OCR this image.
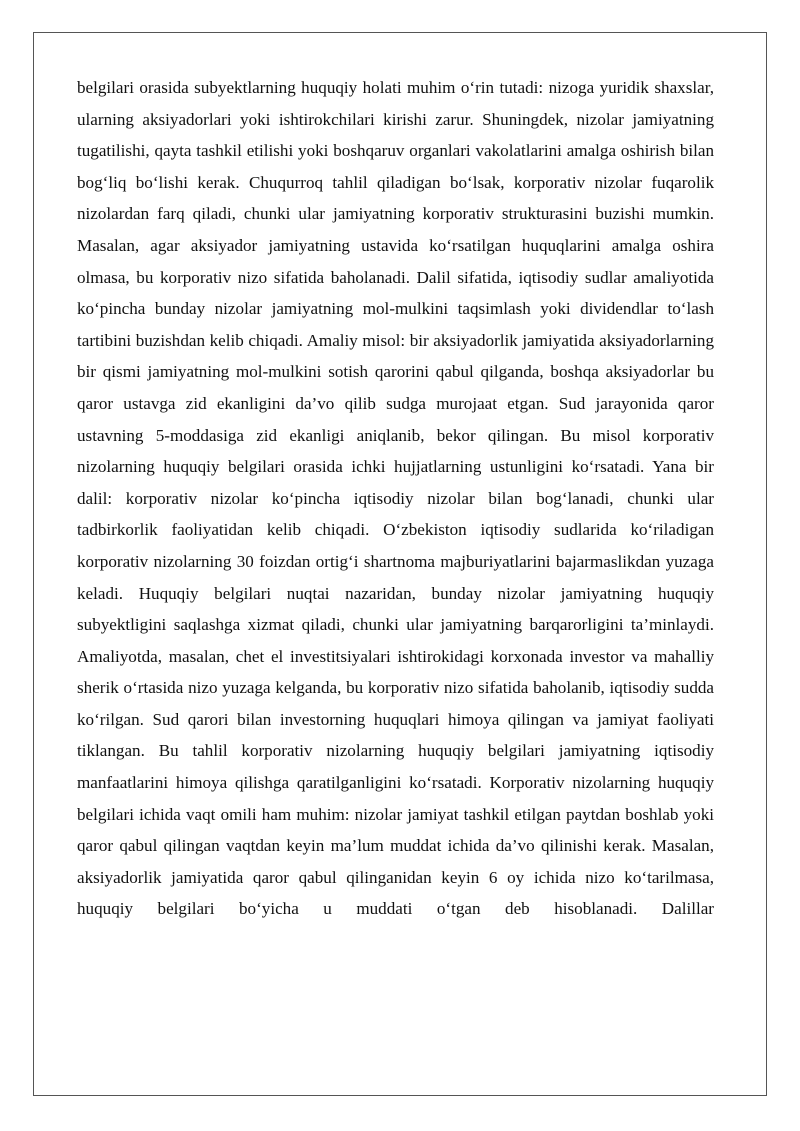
belgilari orasida subyektlarning huquqiy holati muhim o‘rin tutadi: nizoga yuridik shaxslar, ularning aksiyadorlari yoki ishtirokchilari kirishi zarur. Shuningdek, nizolar jamiyatning tugatilishi, qayta tashkil etilishi yoki boshqaruv organlari vakolatlarini amalga oshirish bilan bog‘liq bo‘lishi kerak. Chuqurroq tahlil qiladigan bo‘lsak, korporativ nizolar fuqarolik nizolardan farq qiladi, chunki ular jamiyatning korporativ strukturasini buzishi mumkin. Masalan, agar aksiyador jamiyatning ustavida ko‘rsatilgan huquqlarini amalga oshira olmasa, bu korporativ nizo sifatida baholanadi. Dalil sifatida, iqtisodiy sudlar amaliyotida ko‘pincha bunday nizolar jamiyatning mol-mulkini taqsimlash yoki dividendlar to‘lash tartibini buzishdan kelib chiqadi. Amaliy misol: bir aksiyadorlik jamiyatida aksiyadorlarning bir qismi jamiyatning mol-mulkini sotish qarorini qabul qilganda, boshqa aksiyadorlar bu qaror ustavga zid ekanligini da’vo qilib sudga murojaat etgan. Sud jarayonida qaror ustavning 5-moddasiga zid ekanligi aniqlanib, bekor qilingan. Bu misol korporativ nizolarning huquqiy belgilari orasida ichki hujjatlarning ustunligini ko‘rsatadi. Yana bir dalil: korporativ nizolar ko‘pincha iqtisodiy nizolar bilan bog‘lanadi, chunki ular tadbirkorlik faoliyatidan kelib chiqadi. O‘zbekiston iqtisodiy sudlarida ko‘riladigan korporativ nizolarning 30 foizdan ortig‘i shartnoma majburiyatlarini bajarmaslikdan yuzaga keladi. Huquqiy belgilari nuqtai nazaridan, bunday nizolar jamiyatning huquqiy subyektligini saqlashga xizmat qiladi, chunki ular jamiyatning barqarorligini ta’minlaydi. Amaliyotda, masalan, chet el investitsiyalari ishtirokidagi korxonada investor va mahalliy sherik o‘rtasida nizo yuzaga kelganda, bu korporativ nizo sifatida baholanib, iqtisodiy sudda ko‘rilgan. Sud qarori bilan investorning huquqlari himoya qilingan va jamiyat faoliyati tiklangan. Bu tahlil korporativ nizolarning huquqiy belgilari jamiyatning iqtisodiy manfaatlarini himoya qilishga qaratilganligini ko‘rsatadi. Korporativ nizolarning huquqiy belgilari ichida vaqt omili ham muhim: nizolar jamiyat tashkil etilgan paytdan boshlab yoki qaror qabul qilingan vaqtdan keyin ma’lum muddat ichida da’vo qilinishi kerak. Masalan, aksiyadorlik jamiyatida qaror qabul qilinganidan keyin 6 oy ichida nizo ko‘tarilmasa, huquqiy belgilari bo‘yicha u muddati o‘tgan deb hisoblanadi. Dalillar
